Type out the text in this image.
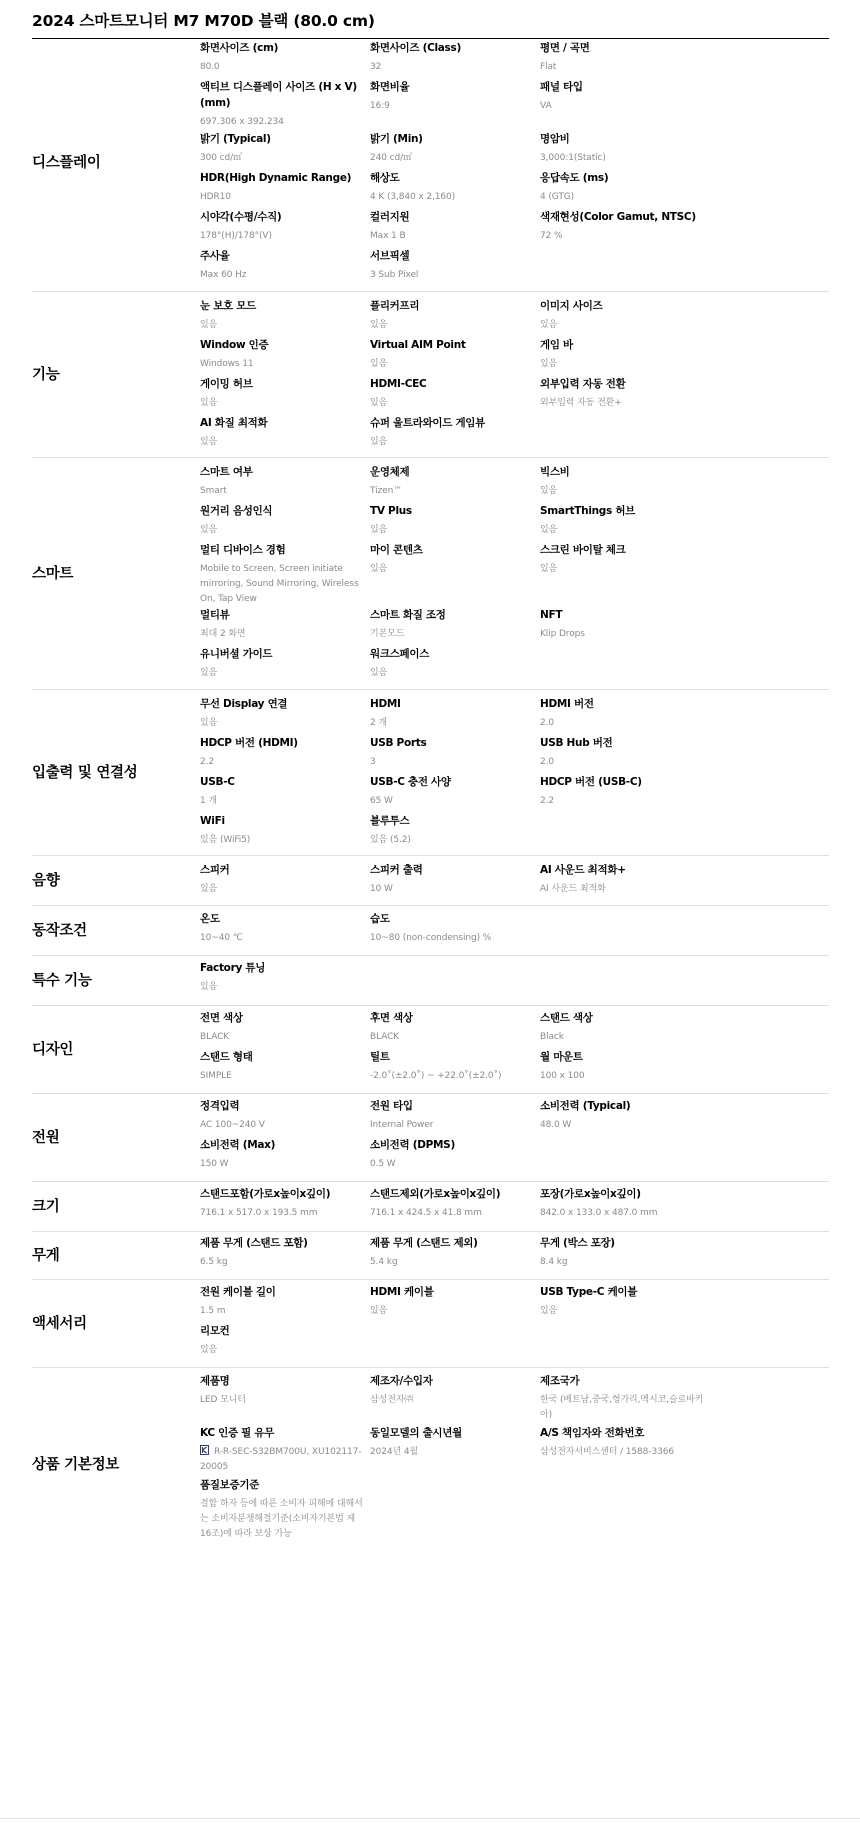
2024 스마트모니터 M7 M70D 블랙 (80.0 cm)
디스플레이
화면사이즈 (cm)
80.0
화면사이즈 (Class)
32
평면 / 곡면
Flat
액티브 디스플레이 사이즈 (H x V) (mm)
697.306 x 392.234
화면비율
16:9
패널 타입
VA
밝기 (Typical)
300 cd/㎡
밝기 (Min)
240 cd/㎡
명암비
3,000:1(Static)
HDR(High Dynamic Range)
HDR10
해상도
4 K (3,840 x 2,160)
응답속도 (ms)
4 (GTG)
시야각(수평/수직)
178°(H)/178°(V)
컬러지원
Max 1 B
색재현성(Color Gamut, NTSC)
72 %
주사율
Max 60 Hz
서브픽셀
3 Sub Pixel
기능
눈 보호 모드
있음
플리커프리
있음
이미지 사이즈
있음
Window 인증
Windows 11
Virtual AIM Point
있음
게임 바
있음
게이밍 허브
있음
HDMI-CEC
있음
외부입력 자동 전환
외부입력 자동 전환+
AI 화질 최적화
있음
슈퍼 울트라와이드 게임뷰
있음
스마트
스마트 여부
Smart
운영체제
Tizen™
빅스비
있음
원거리 음성인식
있음
TV Plus
있음
SmartThings 허브
있음
멀티 디바이스 경험
Mobile to Screen, Screen initiate mirroring, Sound Mirroring, Wireless On, Tap View
마이 콘텐츠
있음
스크린 바이탈 체크
있음
멀티뷰
최대 2 화면
스마트 화질 조정
기본모드
NFT
Klip Drops
유니버셜 가이드
있음
워크스페이스
있음
입출력 및 연결성
무선 Display 연결
있음
HDMI
2 개
HDMI 버전
2.0
HDCP 버전 (HDMI)
2.2
USB Ports
3
USB Hub 버전
2.0
USB-C
1 개
USB-C 충전 사양
65 W
HDCP 버전 (USB-C)
2.2
WiFi
있음 (WiFi5)
블루투스
있음 (5.2)
음향
스피커
있음
스피커 출력
10 W
AI 사운드 최적화+
AI 사운드 최적화
동작조건
온도
10~40 ℃
습도
10~80 (non-condensing) %
특수 기능
Factory 튜닝
있음
디자인
전면 색상
BLACK
후면 색상
BLACK
스탠드 색상
Black
스탠드 형태
SIMPLE
틸트
-2.0˚(±2.0˚) ~ +22.0˚(±2.0˚)
월 마운트
100 x 100
전원
정격입력
AC 100~240 V
전원 타입
Internal Power
소비전력 (Typical)
48.0 W
소비전력 (Max)
150 W
소비전력 (DPMS)
0.5 W
크기
스탠드포함(가로x높이x깊이)
716.1 x 517.0 x 193.5 mm
스탠드제외(가로x높이x깊이)
716.1 x 424.5 x 41.8 mm
포장(가로x높이x깊이)
842.0 x 133.0 x 487.0 mm
무게
제품 무게 (스탠드 포함)
6.5 kg
제품 무게 (스탠드 제외)
5.4 kg
무게 (박스 포장)
8.4 kg
액세서리
전원 케이블 길이
1.5 m
HDMI 케이블
있음
USB Type-C 케이블
있음
리모컨
있음
상품 기본정보
제품명
LED 모니터
제조자/수입자
삼성전자㈜
제조국가
한국 (베트남,중국,헝가리,멕시코,슬로바키아)
KC 인증 필 유무
R-R-SEC-S32BM700U, XU102117-20005
동일모델의 출시년월
2024년 4월
A/S 책임자와 전화번호
삼성전자서비스센터 / 1588-3366
품질보증기준
결함 하자 등에 따른 소비자 피해에 대해서는 소비자분쟁해결기준(소비자기본법 제16조)에 따라 보상 가능
